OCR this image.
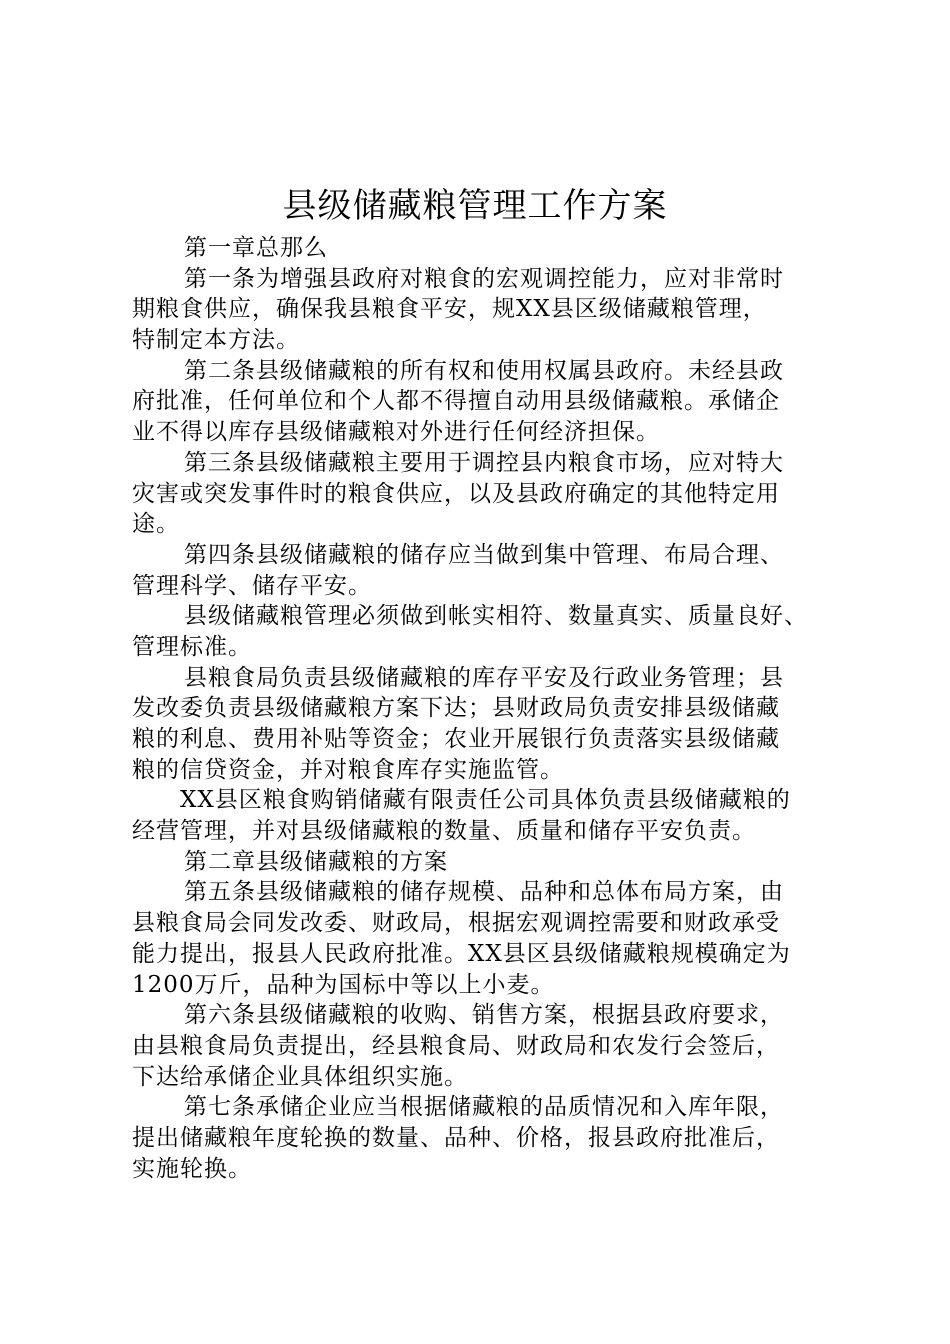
县级储藏粮管理工作方案
第一章总那么
第一条为增强县政府对粮食的宏观调控能力，应对非常时
期粮食供应，确保我县粮食平安，规XX县区级储藏粮管理，
特制定本方法。
第二条县级储藏粮的所有权和使用权属县政府。未经县政
府批准，任何单位和个人都不得擅自动用县级储藏粮。承储企
业不得以库存县级储藏粮对外进行任何经济担保。
第三条县级储藏粮主要用于调控县内粮食市场，应对特大
灾害或突发事件时的粮食供应，以及县政府确定的其他特定用
途。
第四条县级储藏粮的储存应当做到集中管理、布局合理、
管理科学、储存平安。
县级储藏粮管理必须做到帐实相符、数量真实、质量良好、
管理标准。
县粮食局负责县级储藏粮的库存平安及行政业务管理；县
发改委负责县级储藏粮方案下达；县财政局负责安排县级储藏
粮的利息、费用补贴等资金；农业开展银行负责落实县级储藏
粮的信贷资金，并对粮食库存实施监管。
XX县区粮食购销储藏有限责任公司具体负责县级储藏粮的
经营管理，并对县级储藏粮的数量、质量和储存平安负责。
第二章县级储藏粮的方案
第五条县级储藏粮的储存规模、品种和总体布局方案，由
县粮食局会同发改委、财政局，根据宏观调控需要和财政承受
能力提出，报县人民政府批准。XX县区县级储藏粮规模确定为
1200万斤，品种为国标中等以上小麦。
第六条县级储藏粮的收购、销售方案，根据县政府要求，
由县粮食局负责提出，经县粮食局、财政局和农发行会签后，
下达给承储企业具体组织实施。
第七条承储企业应当根据储藏粮的品质情况和入库年限，
提出储藏粮年度轮换的数量、品种、价格，报县政府批准后，
实施轮换。
